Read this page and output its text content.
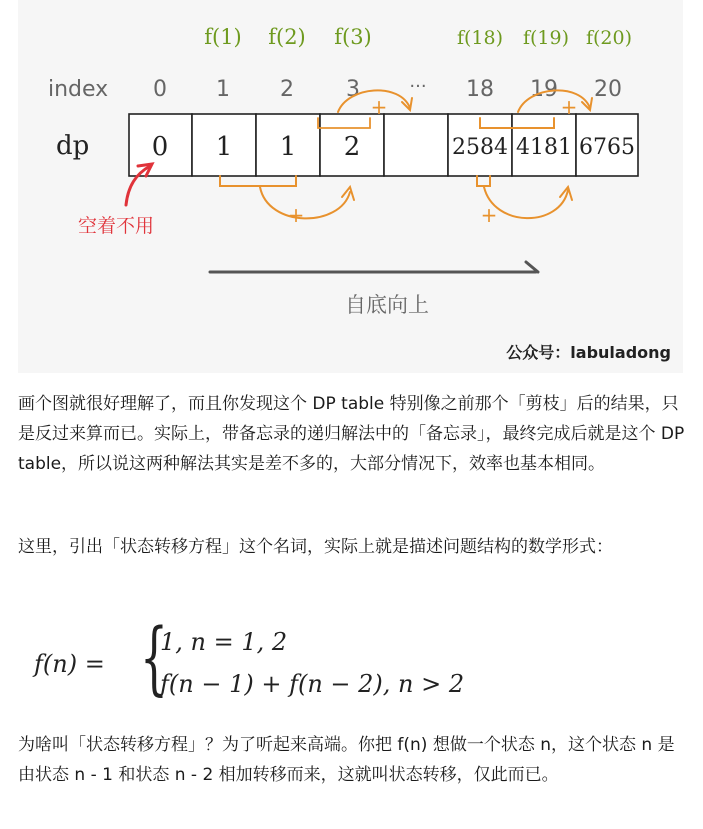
f(1) f(2) f(3)	f(18) f(19) f(20)
index 0 1 2 3	··· 18 19 20
dp 0 1 1 2	2584 4181 6765
+
+
+
+
空着不用
自底向上
公众号：labuladong

画个图就很好理解了，而且你发现这个 DP table 特别像之前那个「剪枝」后的结果，只是反过来算而已。实际上，带备忘录的递归解法中的「备忘录」，最终完成后就是这个 DP table，所以说这两种解法其实是差不多的，大部分情况下，效率也基本相同。

这里，引出「状态转移方程」这个名词，实际上就是描述问题结构的数学形式：

f(n) = {
1, n = 1, 2
f(n − 1) + f(n − 2), n > 2

为啥叫「状态转移方程」？为了听起来高端。你把 f(n) 想做一个状态 n，这个状态 n 是由状态 n - 1 和状态 n - 2 相加转移而来，这就叫状态转移，仅此而已。
